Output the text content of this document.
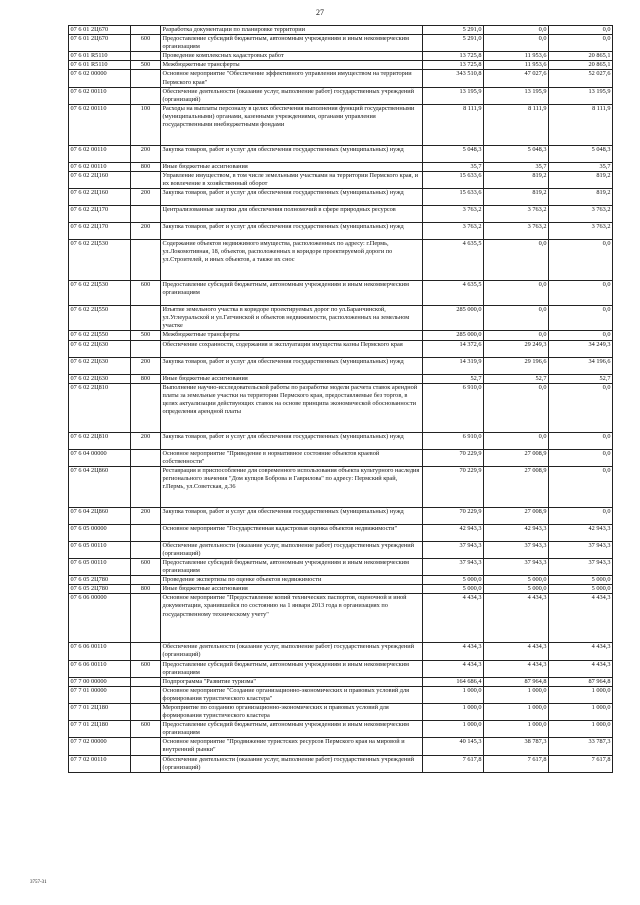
27
07 6 01 2Ц670		Разработка документации по планировке территории	5 291,0	0,0	0,0
07 6 01 2Ц670	600	Предоставление субсидий бюджетным, автономным учреждениям и иным некоммерческим организациям	5 291,0	0,0	0,0
07 6 01 R5110		Проведение комплексных кадастровых работ	13 725,8	11 953,6	20 865,1
07 6 01 R5110	500	Межбюджетные трансферты	13 725,8	11 953,6	20 865,1
07 6 02 00000		Основное мероприятие "Обеспечение эффективного управления имуществом на территории Пермского края"	343 510,8	47 027,6	52 027,6
07 6 02 00110		Обеспечение деятельности (оказание услуг, выполнение работ) государственных учреждений (организаций)	13 195,9	13 195,9	13 195,9
07 6 02 00110	100	Расходы на выплаты персоналу в целях обеспечения выполнения функций государственными (муниципальными) органами, казенными учреждениями, органами управления государственными внебюджетными фондами	8 111,9	8 111,9	8 111,9
07 6 02 00110	200	Закупка товаров, работ и услуг для обеспечения государственных (муниципальных) нужд	5 048,3	5 048,3	5 048,3
07 6 02 00110	800	Иные бюджетные ассигнования	35,7	35,7	35,7
07 6 02 2Ц160		Управление имуществом, в том числе земельными участками на территории Пермского края, и их вовлечение в хозяйственный оборот	15 633,6	819,2	819,2
07 6 02 2Ц160	200	Закупка товаров, работ и услуг для обеспечения государственных (муниципальных) нужд	15 633,6	819,2	819,2
07 6 02 2Ц170		Централизованные закупки для обеспечения полномочий в сфере природных ресурсов	3 763,2	3 763,2	3 763,2
07 6 02 2Ц170	200	Закупка товаров, работ и услуг для обеспечения государственных (муниципальных) нужд	3 763,2	3 763,2	3 763,2
07 6 02 2Ц530		Содержание объектов недвижимого имущества, расположенных по адресу: г.Пермь, ул.Локомотивная, 18, объектов, расположенных в коридоре проектируемой дороги по ул.Строителей, и иных объектов, а также их снос	4 635,5	0,0	0,0
07 6 02 2Ц530	600	Предоставление субсидий бюджетным, автономным учреждениям и иным некоммерческим организациям	4 635,5	0,0	0,0
07 6 02 2Ц550		Изъятие земельного участка в коридоре проектируемых дорог по ул.Баранчинской, ул.Углеуральской и ул.Гатчинской и объектов недвижимости, расположенных на земельном участке	285 000,0	0,0	0,0
07 6 02 2Ц550	500	Межбюджетные трансферты	285 000,0	0,0	0,0
07 6 02 2Ц630		Обеспечение сохранности, содержания и эксплуатации имущества казны Пермского края	14 372,6	29 249,3	34 249,3
07 6 02 2Ц630	200	Закупка товаров, работ и услуг для обеспечения государственных (муниципальных) нужд	14 319,9	29 196,6	34 196,6
07 6 02 2Ц630	800	Иные бюджетные ассигнования	52,7	52,7	52,7
07 6 02 2Ц810		Выполнение научно-исследовательской работы по разработке модели расчета ставок арендной платы за земельные участки на территории Пермского края, предоставляемые без торгов, в целях актуализации действующих ставок на основе принципа экономической обоснованности определения арендной платы	6 910,0	0,0	0,0
07 6 02 2Ц810	200	Закупка товаров, работ и услуг для обеспечения государственных (муниципальных) нужд	6 910,0	0,0	0,0
07 6 04 00000		Основное мероприятие "Приведение в нормативное состояние объектов краевой собственности"	70 229,9	27 008,9	0,0
07 6 04 2Ц860		Реставрация и приспособление для современного использования объекта культурного наследия регионального значения "Дом купцов Боброва и Гаврилова" по адресу: Пермский край, г.Пермь, ул.Советская, д.36	70 229,9	27 008,9	0,0
07 6 04 2Ц860	200	Закупка товаров, работ и услуг для обеспечения государственных (муниципальных) нужд	70 229,9	27 008,9	0,0
07 6 05 00000		Основное мероприятие "Государственная кадастровая оценка объектов недвижимости"	42 943,3	42 943,3	42 943,3
07 6 05 00110		Обеспечение деятельности (оказание услуг, выполнение работ) государственных учреждений (организаций)	37 943,3	37 943,3	37 943,3
07 6 05 00110	600	Предоставление субсидий бюджетным, автономным учреждениям и иным некоммерческим организациям	37 943,3	37 943,3	37 943,3
07 6 05 2Ц780		Проведение экспертизы по оценке объектов недвижимости	5 000,0	5 000,0	5 000,0
07 6 05 2Ц780	800	Иные бюджетные ассигнования	5 000,0	5 000,0	5 000,0
07 6 06 00000		Основное мероприятие "Предоставление копий технических паспортов, оценочной и иной документации, хранившейся по состоянию на 1 января 2013 года в организациях по государственному техническому учету"	4 434,3	4 434,3	4 434,3
07 6 06 00110		Обеспечение деятельности (оказание услуг, выполнение работ) государственных учреждений (организаций)	4 434,3	4 434,3	4 434,3
07 6 06 00110	600	Предоставление субсидий бюджетным, автономным учреждениям и иным некоммерческим организациям	4 434,3	4 434,3	4 434,3
07 7 00 00000		Подпрограмма "Развитие туризма"	164 686,4	87 964,8	87 964,8
07 7 01 00000		Основное мероприятие "Создание организационно-экономических и правовых условий для формирования туристического кластера"	1 000,0	1 000,0	1 000,0
07 7 01 2Ц180		Мероприятие по созданию организационно-экономических и правовых условий для формирования туристического кластера	1 000,0	1 000,0	1 000,0
07 7 01 2Ц180	600	Предоставление субсидий бюджетным, автономным учреждениям и иным некоммерческим организациям	1 000,0	1 000,0	1 000,0
07 7 02 00000		Основное мероприятие "Продвижение туристских ресурсов Пермского края на мировой и внутренний рынки"	40 145,3	38 787,3	33 787,3
07 7 02 00110		Обеспечение деятельности (оказание услуг, выполнение работ) государственных учреждений (организаций)	7 617,8	7 617,8	7 617,8
3757-31
